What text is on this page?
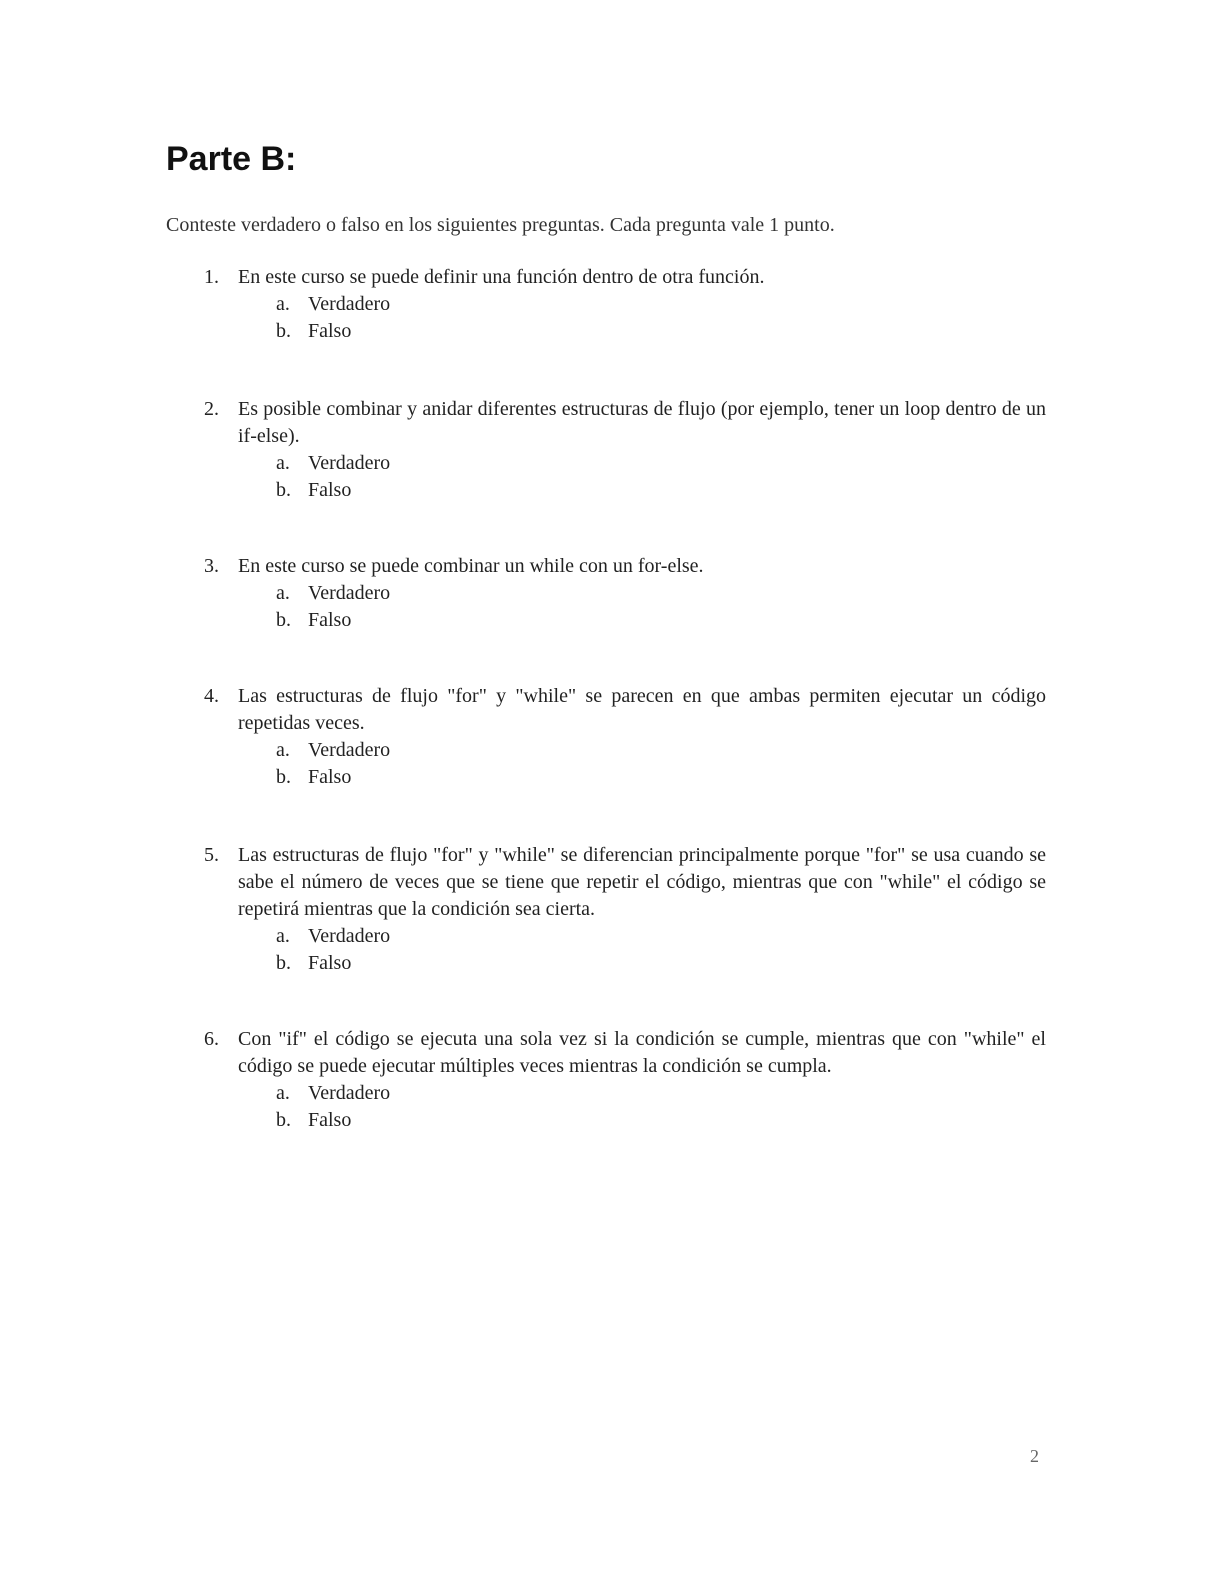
Parte B:

Conteste verdadero o falso en los siguientes preguntas. Cada pregunta vale 1 punto.

1. En este curso se puede definir una función dentro de otra función.
a. Verdadero
b. Falso
2. Es posible combinar y anidar diferentes estructuras de flujo (por ejemplo, tener un loop dentro de un if-else).
a. Verdadero
b. Falso
3. En este curso se puede combinar un while con un for-else.
a. Verdadero
b. Falso
4. Las estructuras de flujo "for" y "while" se parecen en que ambas permiten ejecutar un código repetidas veces.
a. Verdadero
b. Falso
5. Las estructuras de flujo "for" y "while" se diferencian principalmente porque "for" se usa cuando se sabe el número de veces que se tiene que repetir el código, mientras que con "while" el código se repetirá mientras que la condición sea cierta.
a. Verdadero
b. Falso
6. Con "if" el código se ejecuta una sola vez si la condición se cumple, mientras que con "while" el código se puede ejecutar múltiples veces mientras la condición se cumpla.
a. Verdadero
b. Falso
2
